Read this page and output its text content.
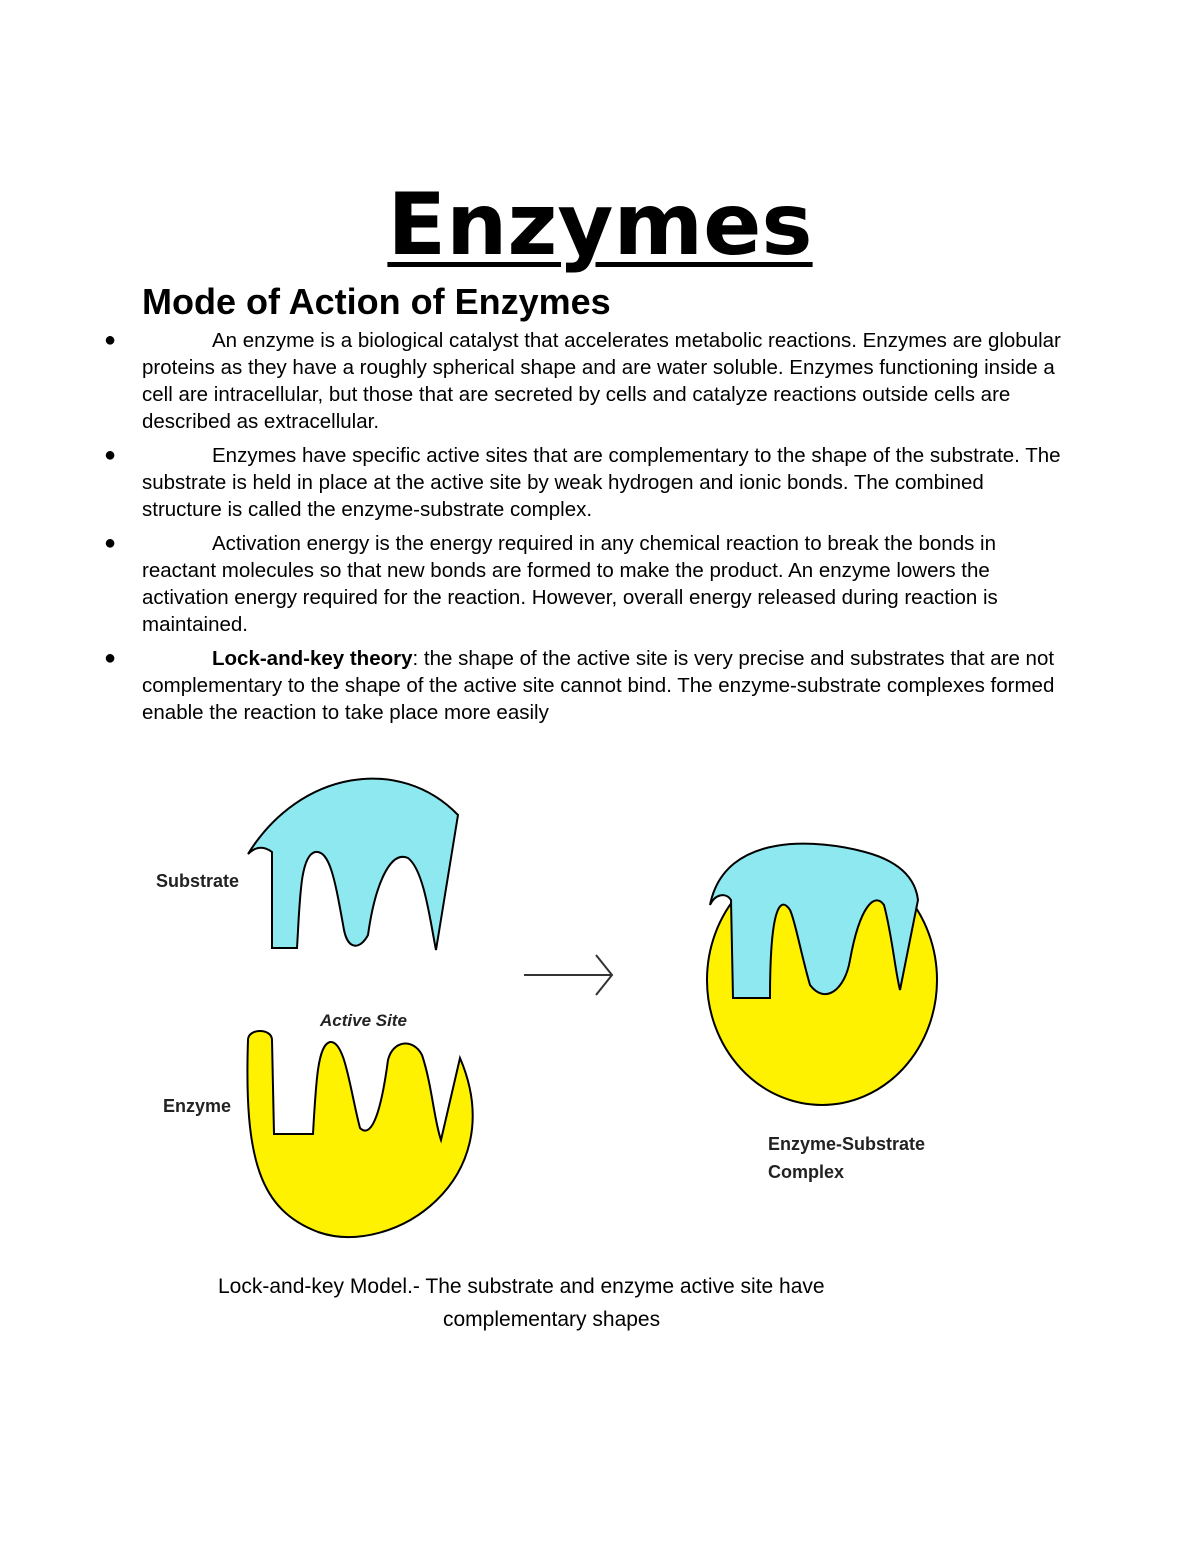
Enzymes
Mode of Action of Enzymes
●	An enzyme is a biological catalyst that accelerates metabolic reactions. Enzymes are globular proteins as they have a roughly spherical shape and are water soluble. Enzymes functioning inside a cell are intracellular, but those that are secreted by cells and catalyze reactions outside cells are described as extracellular.
●	Enzymes have specific active sites that are complementary to the shape of the substrate. The substrate is held in place at the active site by weak hydrogen and ionic bonds. The combined structure is called the enzyme-substrate complex.
●	Activation energy is the energy required in any chemical reaction to break the bonds in reactant molecules so that new bonds are formed to make the product. An enzyme lowers the activation energy required for the reaction. However, overall energy released during reaction is maintained.
●	Lock-and-key theory: the shape of the active site is very precise and substrates that are not complementary to the shape of the active site cannot bind. The enzyme-substrate complexes formed enable the reaction to take place more easily
Substrate
Active Site
Enzyme
Enzyme-Substrate
Complex
Lock-and-key Model.- The substrate and enzyme active site have
complementary shapes
